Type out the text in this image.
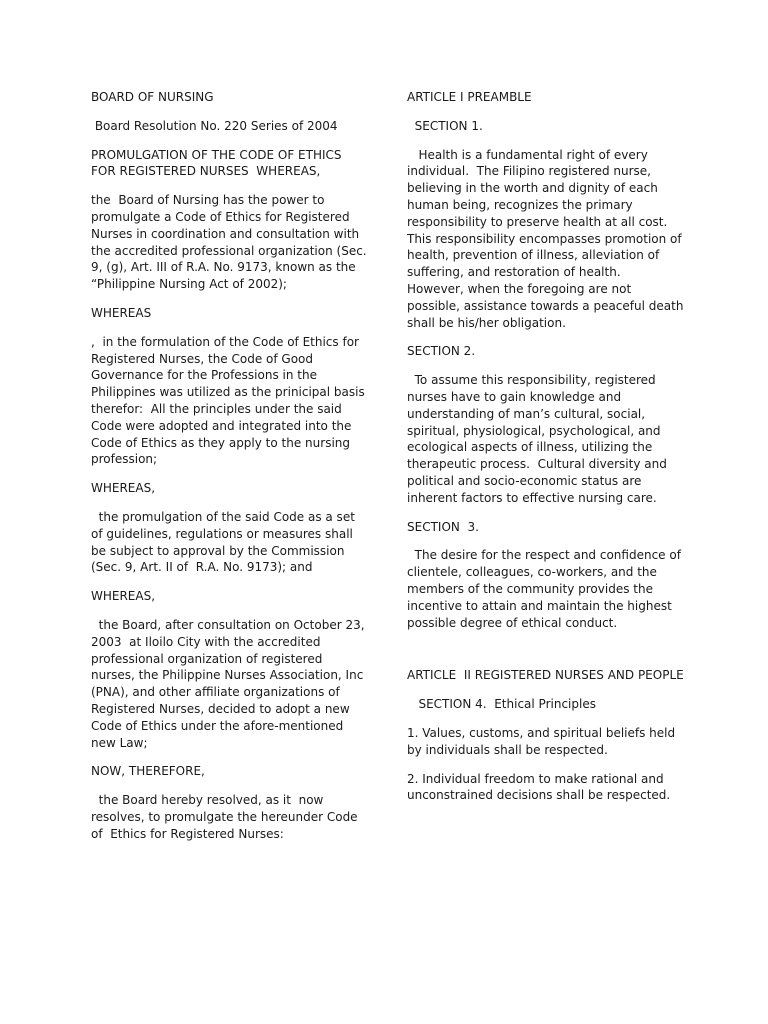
BOARD OF NURSING

Board Resolution No. 220 Series of 2004

PROMULGATION OF THE CODE OF ETHICS FOR REGISTERED NURSES  WHEREAS,

the  Board of Nursing has the power to promulgate a Code of Ethics for Registered Nurses in coordination and consultation with the accredited professional organization (Sec. 9, (g), Art. III of R.A. No. 9173, known as the “Philippine Nursing Act of 2002);

WHEREAS

,  in the formulation of the Code of Ethics for Registered Nurses, the Code of Good Governance for the Professions in the Philippines was utilized as the prinicipal basis therefor:  All the principles under the said Code were adopted and integrated into the Code of Ethics as they apply to the nursing profession;

WHEREAS,

the promulgation of the said Code as a set of guidelines, regulations or measures shall be subject to approval by the Commission (Sec. 9, Art. II of  R.A. No. 9173); and

WHEREAS,

the Board, after consultation on October 23, 2003  at Iloilo City with the accredited professional organization of registered nurses, the Philippine Nurses Association, Inc (PNA), and other affiliate organizations of Registered Nurses, decided to adopt a new Code of Ethics under the afore-mentioned new Law;

NOW, THEREFORE,

the Board hereby resolved, as it  now resolves, to promulgate the hereunder Code of  Ethics for Registered Nurses:

ARTICLE I PREAMBLE

SECTION 1.

Health is a fundamental right of every individual.  The Filipino registered nurse, believing in the worth and dignity of each human being, recognizes the primary responsibility to preserve health at all cost.  This responsibility encompasses promotion of health, prevention of illness, alleviation of suffering, and restoration of health.  However, when the foregoing are not possible, assistance towards a peaceful death shall be his/her obligation.

SECTION 2.

To assume this responsibility, registered nurses have to gain knowledge and understanding of man’s cultural, social, spiritual, physiological, psychological, and ecological aspects of illness, utilizing the therapeutic process.  Cultural diversity and political and socio-economic status are inherent factors to effective nursing care.

SECTION  3.

The desire for the respect and confidence of clientele, colleagues, co-workers, and the members of the community provides the incentive to attain and maintain the highest possible degree of ethical conduct.

ARTICLE  II REGISTERED NURSES AND PEOPLE

SECTION 4.  Ethical Principles

1. Values, customs, and spiritual beliefs held by individuals shall be respected.

2. Individual freedom to make rational and unconstrained decisions shall be respected.
